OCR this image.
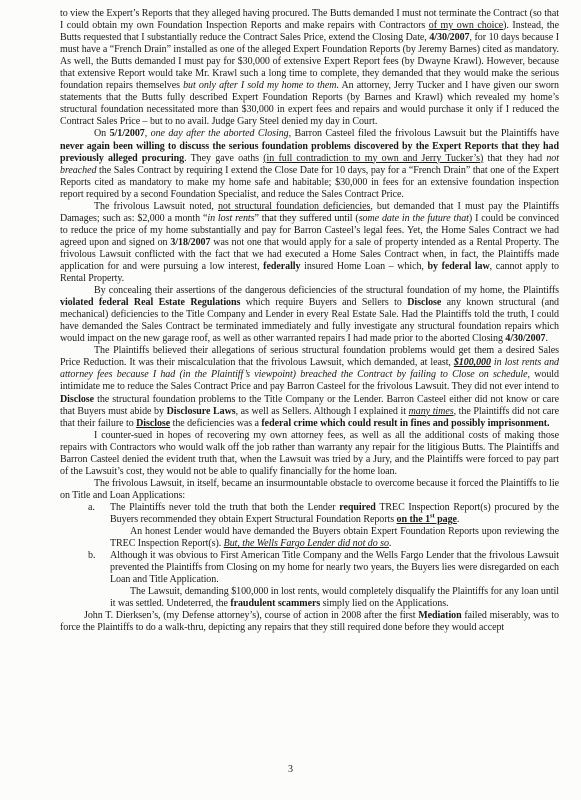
to view the Expert’s Reports that they alleged having procured. The Butts demanded I must not terminate the Contract (so that I could obtain my own Foundation Inspection Reports and make repairs with Contractors of my own choice). Instead, the Butts requested that I substantially reduce the Contract Sales Price, extend the Closing Date, 4/30/2007, for 10 days because I must have a “French Drain” installed as one of the alleged Expert Foundation Reports (by Jeremy Barnes) cited as mandatory. As well, the Butts demanded I must pay for $30,000 of extensive Expert Report fees (by Dwayne Krawl). However, because that extensive Report would take Mr. Krawl such a long time to complete, they demanded that they would make the serious foundation repairs themselves but only after I sold my home to them. An attorney, Jerry Tucker and I have given our sworn statements that the Butts fully described Expert Foundation Reports (by Barnes and Krawl) which revealed my home’s structural foundation necessitated more than $30,000 in expert fees and repairs and would purchase it only if I reduced the Contract Sales Price – but to no avail. Judge Gary Steel denied my day in Court.

On 5/1/2007, one day after the aborted Closing, Barron Casteel filed the frivolous Lawsuit but the Plaintiffs have never again been willing to discuss the serious foundation problems discovered by the Expert Reports that they had previously alleged procuring. They gave oaths (in full contradiction to my own and Jerry Tucker’s) that they had not breached the Sales Contract by requiring I extend the Close Date for 10 days, pay for a “French Drain” that one of the Expert Reports cited as mandatory to make my home safe and habitable; $30,000 in fees for an extensive foundation inspection report required by a second Foundation Specialist, and reduce the Sales Contract Price.

The frivolous Lawsuit noted, not structural foundation deficiencies, but demanded that I must pay the Plaintiffs Damages; such as: $2,000 a month “in lost rents” that they suffered until (some date in the future that) I could be convinced to reduce the price of my home substantially and pay for Barron Casteel’s legal fees. Yet, the Home Sales Contract we had agreed upon and signed on 3/18/2007 was not one that would apply for a sale of property intended as a Rental Property. The frivolous Lawsuit conflicted with the fact that we had executed a Home Sales Contract when, in fact, the Plaintiffs made application for and were pursuing a low interest, federally insured Home Loan – which, by federal law, cannot apply to Rental Property.

By concealing their assertions of the dangerous deficiencies of the structural foundation of my home, the Plaintiffs violated federal Real Estate Regulations which require Buyers and Sellers to Disclose any known structural (and mechanical) deficiencies to the Title Company and Lender in every Real Estate Sale. Had the Plaintiffs told the truth, I could have demanded the Sales Contract be terminated immediately and fully investigate any structural foundation repairs which would impact on the new garage roof, as well as other warranted repairs I had made prior to the aborted Closing 4/30/2007.

The Plaintiffs believed their allegations of serious structural foundation problems would get them a desired Sales Price Reduction. It was their miscalculation that the frivolous Lawsuit, which demanded, at least, $100,000 in lost rents and attorney fees because I had (in the Plaintiff’s viewpoint) breached the Contract by failing to Close on schedule, would intimidate me to reduce the Sales Contract Price and pay Barron Casteel for the frivolous Lawsuit. They did not ever intend to Disclose the structural foundation problems to the Title Company or the Lender. Barron Casteel either did not know or care that Buyers must abide by Disclosure Laws, as well as Sellers. Although I explained it many times, the Plaintiffs did not care that their failure to Disclose the deficiencies was a federal crime which could result in fines and possibly imprisonment.

I counter-sued in hopes of recovering my own attorney fees, as well as all the additional costs of making those repairs with Contractors who would walk off the job rather than warranty any repair for the litigious Butts. The Plaintiffs and Barron Casteel denied the evident truth that, when the Lawsuit was tried by a Jury, and the Plaintiffs were forced to pay part of the Lawsuit’s cost, they would not be able to qualify financially for the home loan.

The frivolous Lawsuit, in itself, became an insurmountable obstacle to overcome because it forced the Plaintiffs to lie on Title and Loan Applications:

a. The Plaintiffs never told the truth that both the Lender required TREC Inspection Report(s) procured by the Buyers recommended they obtain Expert Structural Foundation Reports on the 1st page.

An honest Lender would have demanded the Buyers obtain Expert Foundation Reports upon reviewing the TREC Inspection Report(s). But, the Wells Fargo Lender did not do so.

b. Although it was obvious to First American Title Company and the Wells Fargo Lender that the frivolous Lawsuit prevented the Plaintiffs from Closing on my home for nearly two years, the Buyers lies were disregarded on each Loan and Title Application.

The Lawsuit, demanding $100,000 in lost rents, would completely disqualify the Plaintiffs for any loan until it was settled. Undeterred, the fraudulent scammers simply lied on the Applications.

John T. Dierksen’s, (my Defense attorney’s), course of action in 2008 after the first Mediation failed miserably, was to force the Plaintiffs to do a walk-thru, depicting any repairs that they still required done before they would accept

3
